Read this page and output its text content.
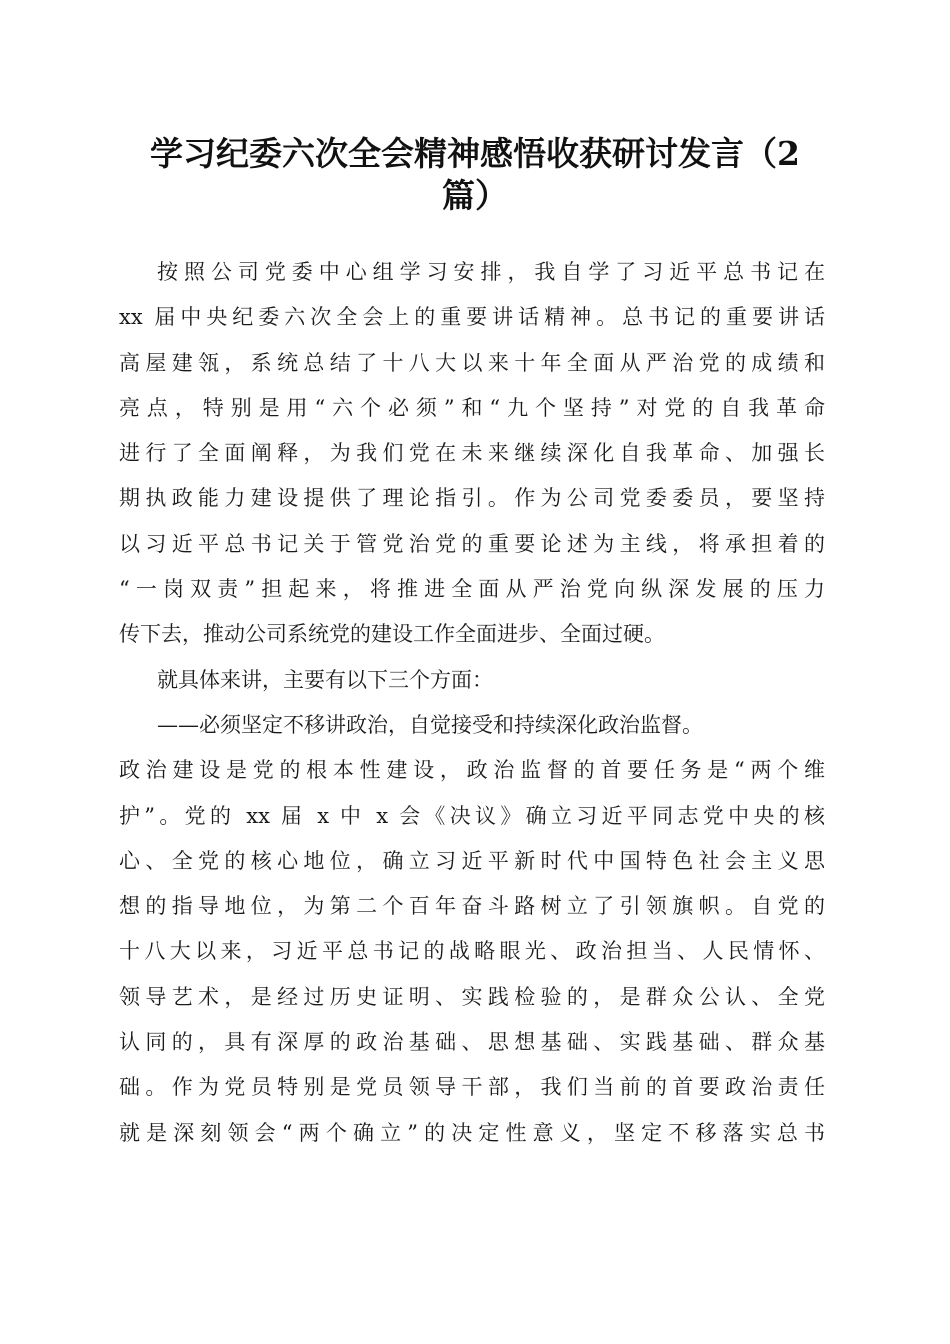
学习纪委六次全会精神感悟收获研讨发言（2
篇）
按照公司党委中心组学习安排，我自学了习近平总书记在
xx 届中央纪委六次全会上的重要讲话精神。总书记的重要讲话
高屋建瓴，系统总结了十八大以来十年全面从严治党的成绩和
亮点，特别是用“六个必须”和“九个坚持”对党的自我革命
进行了全面阐释，为我们党在未来继续深化自我革命、加强长
期执政能力建设提供了理论指引。作为公司党委委员，要坚持
以习近平总书记关于管党治党的重要论述为主线，将承担着的
“一岗双责”担起来，将推进全面从严治党向纵深发展的压力
传下去，推动公司系统党的建设工作全面进步、全面过硬。
就具体来讲，主要有以下三个方面：
——必须坚定不移讲政治，自觉接受和持续深化政治监督。
政治建设是党的根本性建设，政治监督的首要任务是“两个维
护”。党的 xx 届 x 中 x 会《决议》确立习近平同志党中央的核
心、全党的核心地位，确立习近平新时代中国特色社会主义思
想的指导地位，为第二个百年奋斗路树立了引领旗帜。自党的
十八大以来，习近平总书记的战略眼光、政治担当、人民情怀、
领导艺术，是经过历史证明、实践检验的，是群众公认、全党
认同的，具有深厚的政治基础、思想基础、实践基础、群众基
础。作为党员特别是党员领导干部，我们当前的首要政治责任
就是深刻领会“两个确立”的决定性意义，坚定不移落实总书
